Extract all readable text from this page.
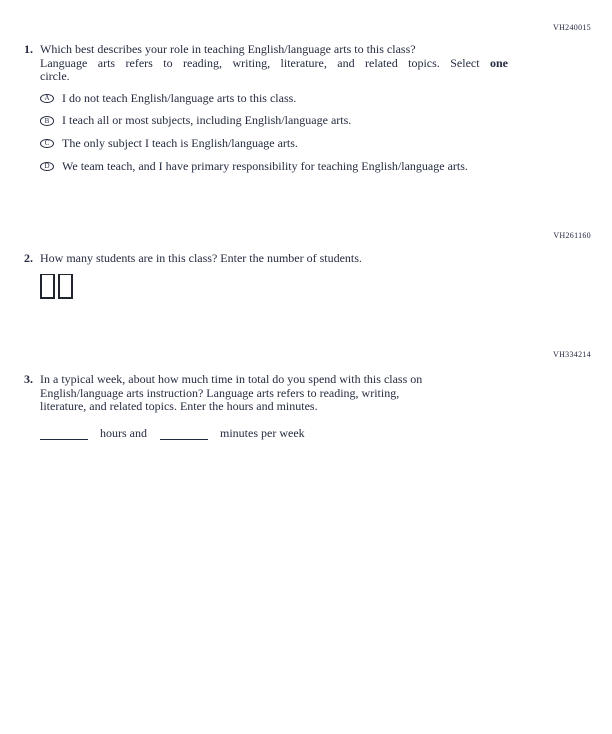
VH240015
VH261160
VH334214
1. Which best describes your role in teaching English/language arts to this class?
Language arts refers to reading, writing, literature, and related topics. Select one
circle.
A I do not teach English/language arts to this class.
B I teach all or most subjects, including English/language arts.
C The only subject I teach is English/language arts.
D We team teach, and I have primary responsibility for teaching English/language arts.
2. How many students are in this class? Enter the number of students.
3. In a typical week, about how much time in total do you spend with this class on
English/language arts instruction? Language arts refers to reading, writing,
literature, and related topics. Enter the hours and minutes.
hours and	minutes per week
